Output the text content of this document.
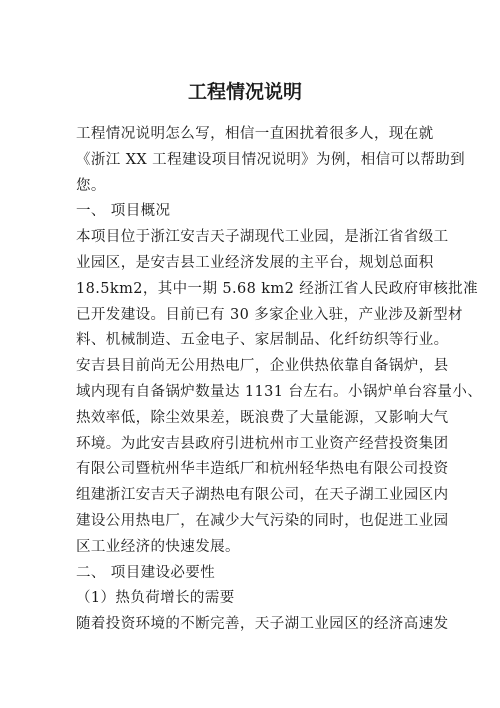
工程情况说明

工程情况说明怎么写，相信一直困扰着很多人，现在就

《浙江 XX 工程建设项目情况说明》为例，相信可以帮助到

您。

一、 项目概况

本项目位于浙江安吉天子湖现代工业园，是浙江省省级工

业园区，是安吉县工业经济发展的主平台，规划总面积

18.5km2，其中一期 5.68 km2 经浙江省人民政府审核批准

已开发建设。目前已有 30 多家企业入驻，产业涉及新型材

料、机械制造、五金电子、家居制品、化纤纺织等行业。

安吉县目前尚无公用热电厂，企业供热依靠自备锅炉，县

域内现有自备锅炉数量达 1131 台左右。小锅炉单台容量小、

热效率低，除尘效果差，既浪费了大量能源，又影响大气

环境。为此安吉县政府引进杭州市工业资产经营投资集团

有限公司暨杭州华丰造纸厂和杭州轻华热电有限公司投资

组建浙江安吉天子湖热电有限公司，在天子湖工业园区内

建设公用热电厂，在减少大气污染的同时，也促进工业园

区工业经济的快速发展。

二、 项目建设必要性

（1）热负荷增长的需要

随着投资环境的不断完善，天子湖工业园区的经济高速发
